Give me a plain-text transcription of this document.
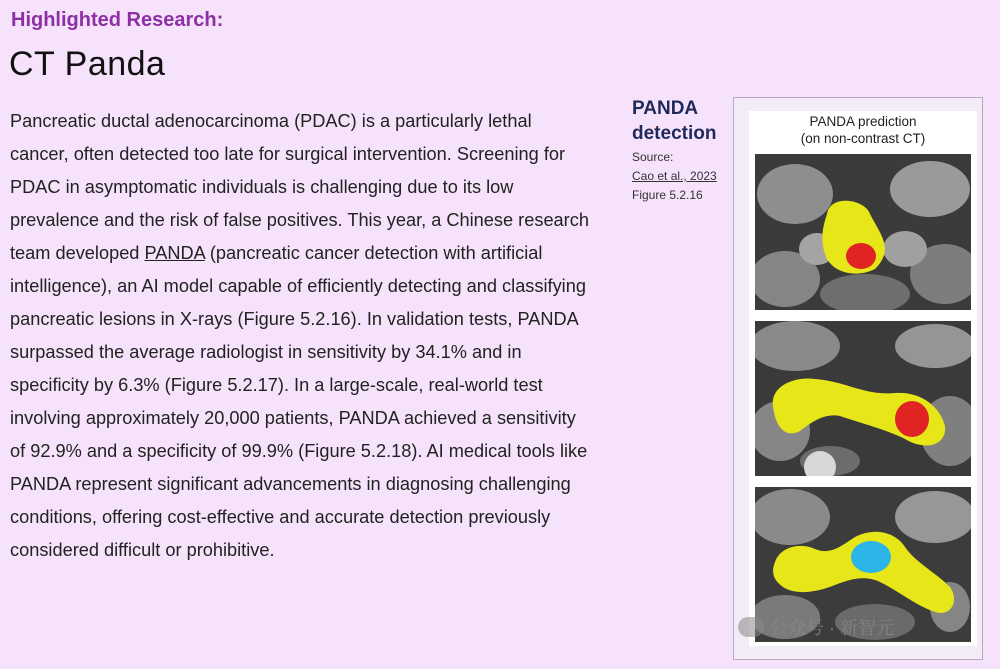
Highlighted Research:
CT Panda
Pancreatic ductal adenocarcinoma (PDAC) is a particularly lethal cancer, often detected too late for surgical intervention. Screening for PDAC in asymptomatic individuals is challenging due to its low prevalence and the risk of false positives. This year, a Chinese research team developed PANDA (pancreatic cancer detection with artificial intelligence), an AI model capable of efficiently detecting and classifying pancreatic lesions in X-rays (Figure 5.2.16). In validation tests, PANDA surpassed the average radiologist in sensitivity by 34.1% and in specificity by 6.3% (Figure 5.2.17). In a large-scale, real-world test involving approximately 20,000 patients, PANDA achieved a sensitivity of 92.9% and a specificity of 99.9% (Figure 5.2.18). AI medical tools like PANDA represent significant advancements in diagnosing challenging conditions, offering cost-effective and accurate detection previously considered difficult or prohibitive.
PANDA
detection
Source:
Cao et al., 2023
Figure 5.2.16
PANDA prediction
(on non-contrast CT)
公众号 · 新智元
